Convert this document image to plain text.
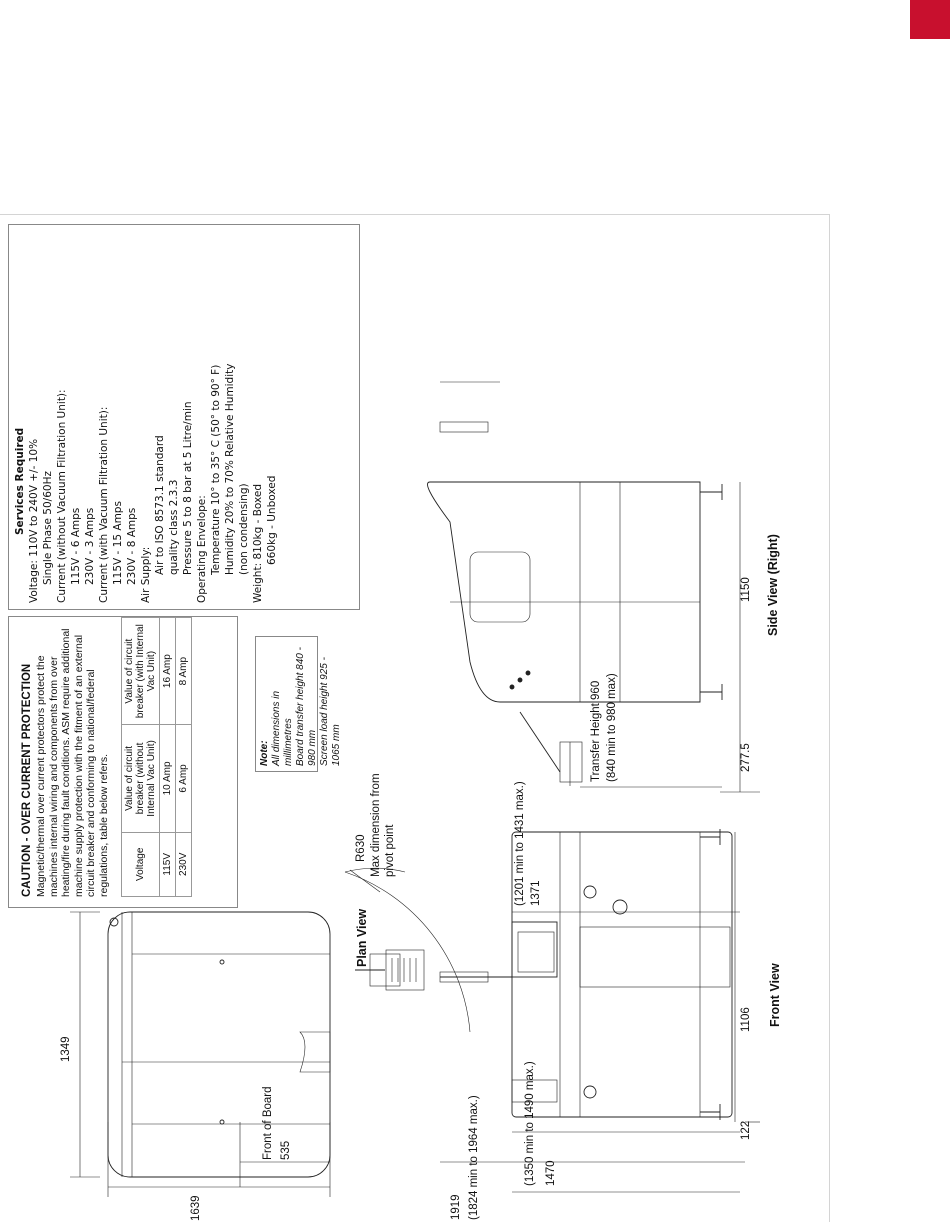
Services Required Voltage: 110V to 240V +/- 10% Single Phase 50/60Hz Current (without Vacuum Filtration Unit): 115V - 6 Amps 230V - 3 Amps Current (with Vacuum Filtration Unit): 115V - 15 Amps 230V - 8 Amps Air Supply: Air to ISO 8573.1 standard quality class 2.3.3 Pressure 5 to 8 bar at 5 Litre/min Operating Envelope: Temperature 10° to 35° C (50° to 90° F) Humidity 20% to 70% Relative Humidity (non condensing) Weight: 810kg - Boxed 660kg - Unboxed
CAUTION - OVER CURRENT PROTECTION Magnetic/thermal over current protectors protect the machines internal wiring and components from over heating/fire during fault conditions. ASM require additional machine supply protection with the fitment of an external circuit breaker and conforming to national/federal regulations, table below refers.	Voltage	Value of circuit breaker (without Internal Vac Unit)	Value of circuit breaker (with Internal Vac Unit)
115V	10 Amp	16 Amp
230V	6 Amp	8 Amp
Note: All dimensions in millimetres Board transfer height 840 - 980 mm Screen load height 925 - 1065 mm
Plan View
1349
1639
535
Front of Board
R630 Max dimension from pivot point
Front View
1106
122
1470
(1350 min to 1490 max.)
1919 (1824 min to 1964 max.)
1371
(1201 min to 1431 max.)
Side View (Right)
1150
277.5
Transfer Height 960 (840 min to 980 max)
